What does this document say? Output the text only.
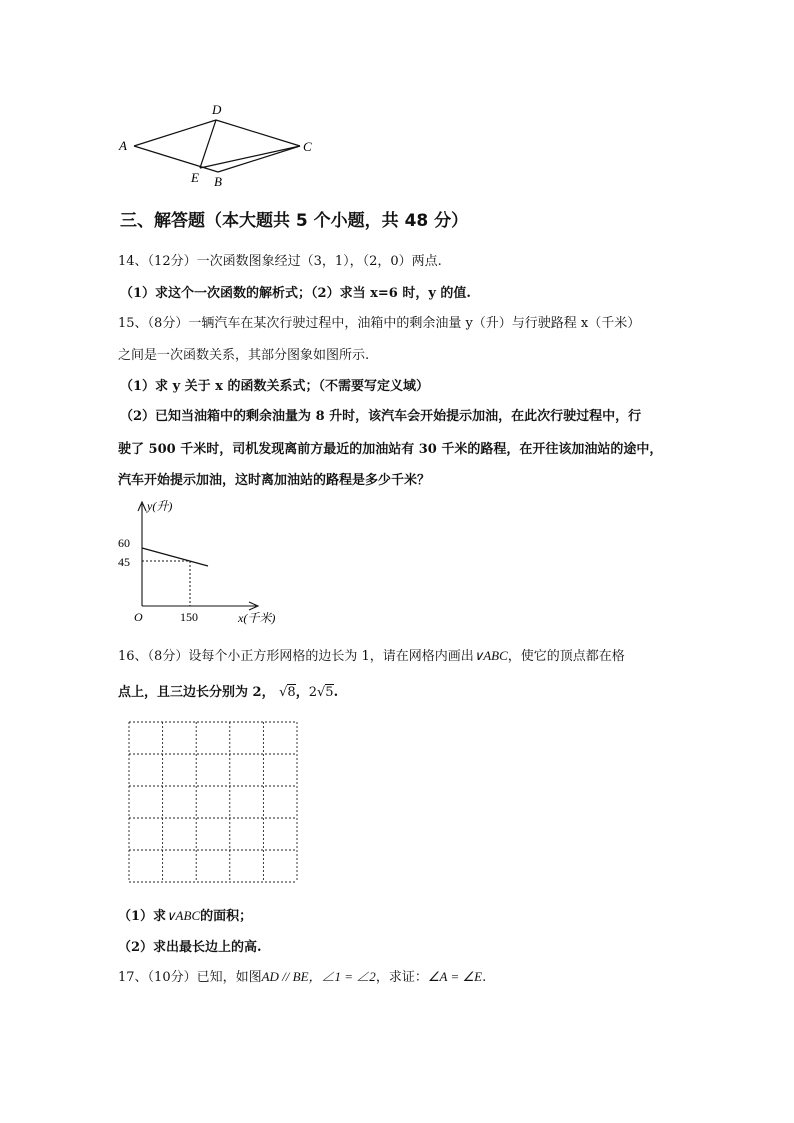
A
D
C
E B
三、解答题（本大题共 5 个小题，共 48 分）
14、（12分）一次函数图象经过（3，1），（2，0）两点.
（1）求这个一次函数的解析式；（2）求当 x=6 时，y 的值.
15、（8分）一辆汽车在某次行驶过程中，油箱中的剩余油量 y（升）与行驶路程 x（千米）
之间是一次函数关系，其部分图象如图所示.
（1）求 y 关于 x 的函数关系式；（不需要写定义域）
（2）已知当油箱中的剩余油量为 8 升时，该汽车会开始提示加油，在此次行驶过程中，行
驶了 500 千米时，司机发现离前方最近的加油站有 30 千米的路程，在开往该加油站的途中，
汽车开始提示加油，这时离加油站的路程是多少千米？
y(升)
60
45
O	150	x(千米)
16、（8分）设每个小正方形网格的边长为 1，请在网格内画出∨ABC，使它的顶点都在格
点上，且三边长分别为 2， √8，2√5.
（1）求∨ABC的面积；
（2）求出最长边上的高.
17、（10分）已知，如图AD // BE，∠1 = ∠2，求证：∠A = ∠E.
